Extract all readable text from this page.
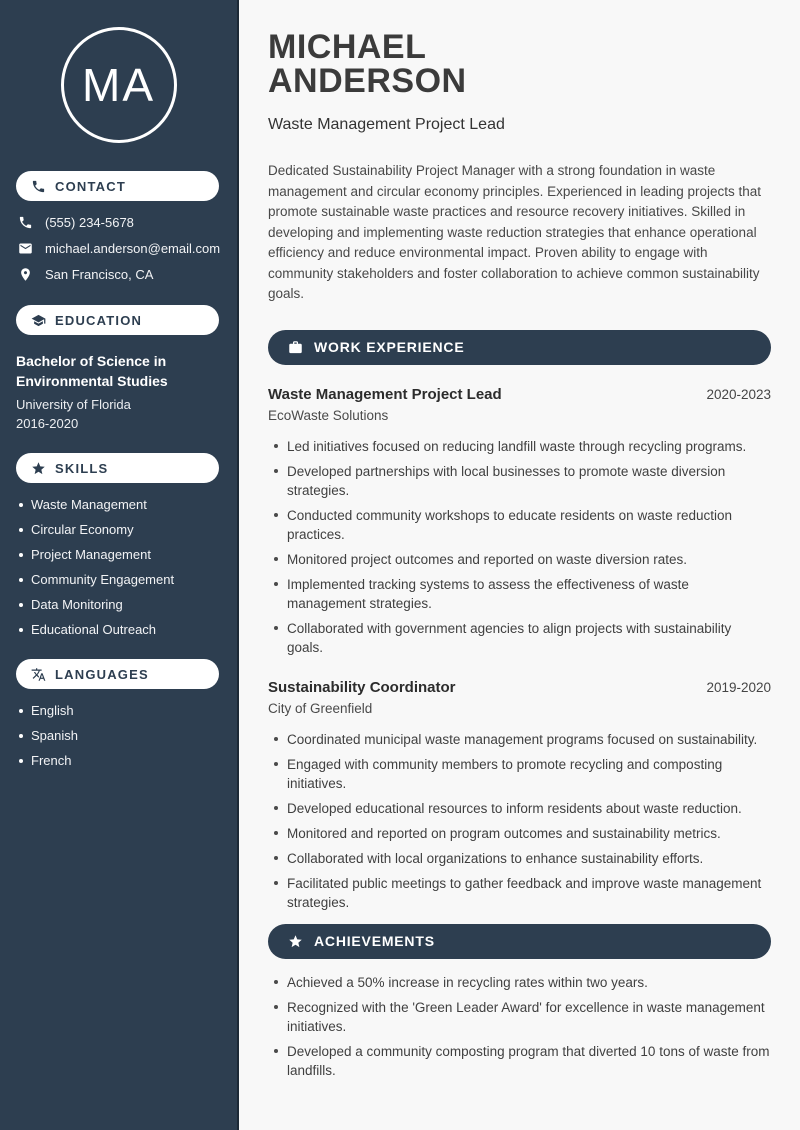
MA
CONTACT
(555) 234-5678
michael.anderson@email.com
San Francisco, CA
EDUCATION
Bachelor of Science in Environmental Studies
University of Florida
2016-2020
SKILLS
Waste Management
Circular Economy
Project Management
Community Engagement
Data Monitoring
Educational Outreach
LANGUAGES
English
Spanish
French
MICHAEL
ANDERSON
Waste Management Project Lead

Dedicated Sustainability Project Manager with a strong foundation in waste management and circular economy principles. Experienced in leading projects that promote sustainable waste practices and resource recovery initiatives. Skilled in developing and implementing waste reduction strategies that enhance operational efficiency and reduce environmental impact. Proven ability to engage with community stakeholders and foster collaboration to achieve common sustainability goals.

WORK EXPERIENCE
Waste Management Project Lead	2020-2023
EcoWaste Solutions
Led initiatives focused on reducing landfill waste through recycling programs.
Developed partnerships with local businesses to promote waste diversion strategies.
Conducted community workshops to educate residents on waste reduction practices.
Monitored project outcomes and reported on waste diversion rates.
Implemented tracking systems to assess the effectiveness of waste management strategies.
Collaborated with government agencies to align projects with sustainability goals.
Sustainability Coordinator	2019-2020
City of Greenfield
Coordinated municipal waste management programs focused on sustainability.
Engaged with community members to promote recycling and composting initiatives.
Developed educational resources to inform residents about waste reduction.
Monitored and reported on program outcomes and sustainability metrics.
Collaborated with local organizations to enhance sustainability efforts.
Facilitated public meetings to gather feedback and improve waste management strategies.
ACHIEVEMENTS
Achieved a 50% increase in recycling rates within two years.
Recognized with the 'Green Leader Award' for excellence in waste management initiatives.
Developed a community composting program that diverted 10 tons of waste from landfills.
